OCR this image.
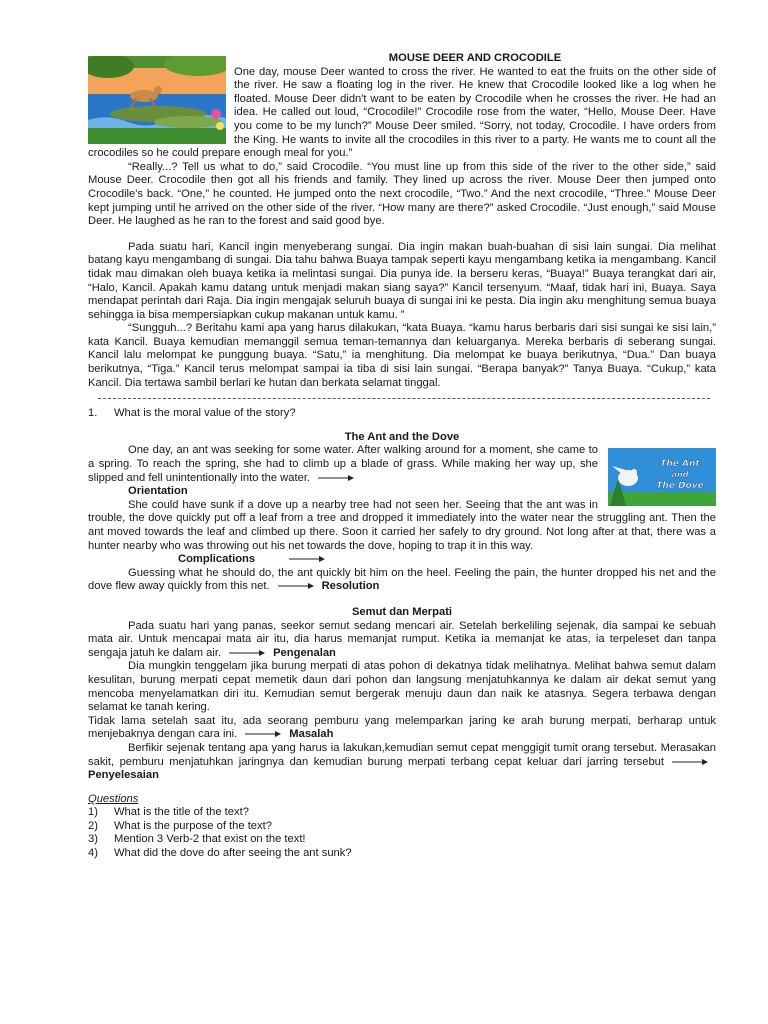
MOUSE DEER AND CROCODILE

One day, mouse Deer wanted to cross the river. He wanted to eat the fruits on the other side of the river. He saw a floating log in the river. He knew that Crocodile looked like a log when he floated. Mouse Deer didn't want to be eaten by Crocodile when he crosses the river. He had an idea. He called out loud, “Crocodile!” Crocodile rose from the water, “Hello, Mouse Deer. Have you come to be my lunch?” Mouse Deer smiled. “Sorry, not today, Crocodile. I have orders from the King. He wants to invite all the crocodiles in this river to a party. He wants me to count all the crocodiles so he could prepare enough meal for you.”

“Really...? Tell us what to do,” said Crocodile. “You must line up from this side of the river to the other side,” said Mouse Deer. Crocodile then got all his friends and family. They lined up across the river. Mouse Deer then jumped onto Crocodile's back. “One,” he counted. He jumped onto the next crocodile, “Two.” And the next crocodile, “Three.” Mouse Deer kept jumping until he arrived on the other side of the river. “How many are there?” asked Crocodile. “Just enough,” said Mouse Deer. He laughed as he ran to the forest and said good bye.

Pada suatu hari, Kancil ingin menyeberang sungai. Dia ingin makan buah-buahan di sisi lain sungai. Dia melihat batang kayu mengambang di sungai. Dia tahu bahwa Buaya tampak seperti kayu mengambang ketika ia mengambang. Kancil tidak mau dimakan oleh buaya ketika ia melintasi sungai. Dia punya ide. Ia berseru keras, “Buaya!” Buaya terangkat dari air, “Halo, Kancil. Apakah kamu datang untuk menjadi makan siang saya?” Kancil tersenyum. “Maaf, tidak hari ini, Buaya. Saya mendapat perintah dari Raja. Dia ingin mengajak seluruh buaya di sungai ini ke pesta. Dia ingin aku menghitung semua buaya sehingga ia bisa mempersiapkan cukup makanan untuk kamu. ”

“Sungguh...? Beritahu kami apa yang harus dilakukan, “kata Buaya. “kamu harus berbaris dari sisi sungai ke sisi lain,” kata Kancil. Buaya kemudian memanggil semua teman-temannya dan keluarganya. Mereka berbaris di seberang sungai. Kancil lalu melompat ke punggung buaya. “Satu,” ia menghitung. Dia melompat ke buaya berikutnya, “Dua.” Dan buaya berikutnya, “Tiga.” Kancil terus melompat sampai ia tiba di sisi lain sungai. “Berapa banyak?” Tanya Buaya. “Cukup,” kata Kancil. Dia tertawa sambil berlari ke hutan dan berkata selamat tinggal.

1. What is the moral value of the story?

The Ant and the Dove

The Ant
and
The Dove

One day, an ant was seeking for some water. After walking around for a moment, she came to a spring. To reach the spring, she had to climb up a blade of grass. While making her way up, she slipped and fell unintentionally into the water.

Orientation

She could have sunk if a dove up a nearby tree had not seen her. Seeing that the ant was in trouble, the dove quickly put off a leaf from a tree and dropped it immediately into the water near the struggling ant. Then the ant moved towards the leaf and climbed up there. Soon it carried her safely to dry ground. Not long after at that, there was a hunter nearby who was throwing out his net towards the dove, hoping to trap it in this way.

Complications

Guessing what he should do, the ant quickly bit him on the heel. Feeling the pain, the hunter dropped his net and the dove flew away quickly from this net.	Resolution

Semut dan Merpati

Pada suatu hari yang panas, seekor semut sedang mencari air. Setelah berkeliling sejenak, dia sampai ke sebuah mata air. Untuk mencapai mata air itu, dia harus memanjat rumput. Ketika ia memanjat ke atas, ia terpeleset dan tanpa sengaja jatuh ke dalam air.	Pengenalan

Dia mungkin tenggelam jika burung merpati di atas pohon di dekatnya tidak melihatnya. Melihat bahwa semut dalam kesulitan, burung merpati cepat memetik daun dari pohon dan langsung menjatuhkannya ke dalam air dekat semut yang mencoba menyelamatkan diri itu. Kemudian semut bergerak menuju daun dan naik ke atasnya. Segera terbawa dengan selamat ke tanah kering.

Tidak lama setelah saat itu, ada seorang pemburu yang melemparkan jaring ke arah burung merpati, berharap untuk menjebaknya dengan cara ini.	Masalah

Berfikir sejenak tentang apa yang harus ia lakukan,kemudian semut cepat menggigit tumit orang tersebut. Merasakan sakit, pemburu menjatuhkan jaringnya dan kemudian burung merpati terbang cepat keluar dari jarring tersebutPenyelesaian

Questions

1) What is the title of the text?
2) What is the purpose of the text?
3) Mention 3 Verb-2 that exist on the text!
4) What did the dove do after seeing the ant sunk?
